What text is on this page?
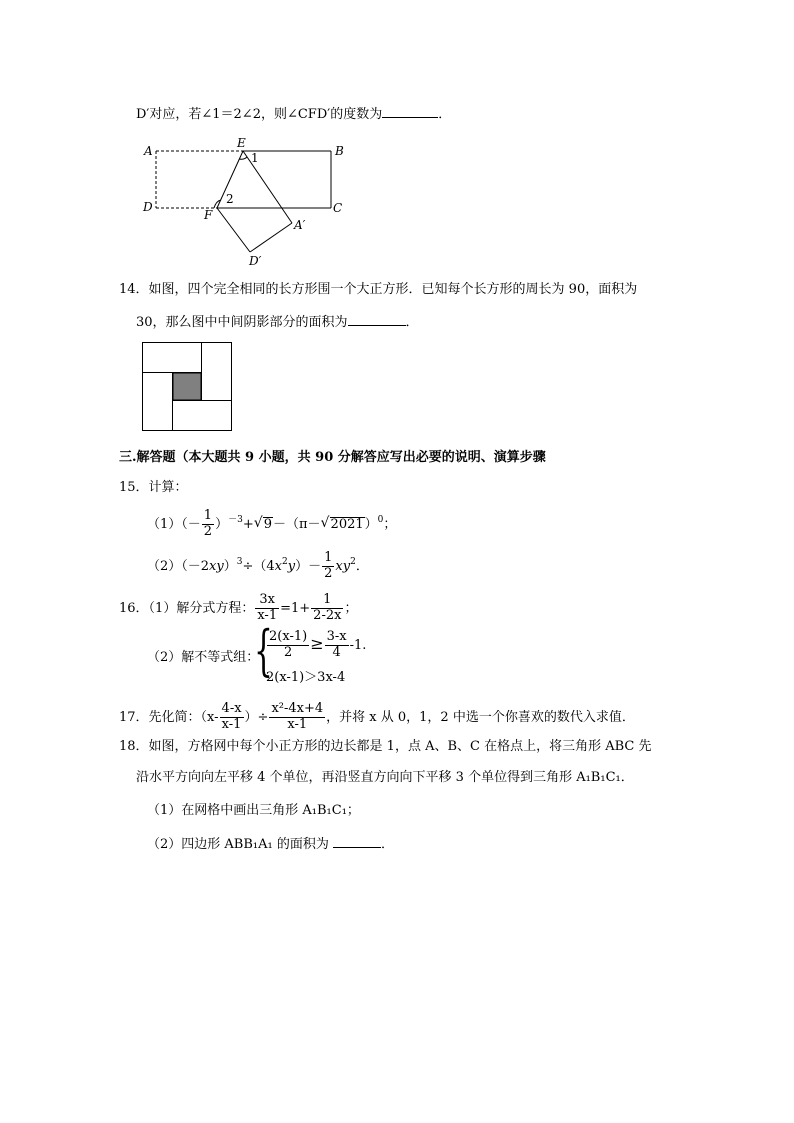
D′对应，若∠1＝2∠2，则∠CFD′的度数为	．
A
E
B
D
F	C
A′
D′
1
2
14．如图，四个完全相同的长方形围一个大正方形．已知每个长方形的周长为 90，面积为
30，那么图中中间阴影部分的面积为	．
三.解答题（本大题共 9 小题，共 90 分解答应写出必要的说明、演算步骤
15．计算：
$(1)(- \frac{1}{2} )^{-3}+$ √ 9－（π－ √ 2021）$^0$；
$(2)(-2xy)^3\div(4x^2y)- \frac{1}{2} xy^2$．
16．（1）解分式方程： $\frac{3x}{x-1} =1+ \frac{1}{2-2x}$ ；
（2）解不等式组：
{
$\frac{2(x-1)}{2} \ge \frac{3-x}{4} -1$.
2(x-1)＞3x-4
17．先化简：（$x- \frac{4-x}{x-1}$ ）÷ $\frac{\text{x²-4x+4}}{x-1}$ ，并将 x 从 0，1，2 中选一个你喜欢的数代入求值．
18．如图，方格网中每个小正方形的边长都是 1，点 A、B、C 在格点上，将三角形 ABC 先
沿水平方向向左平移 4 个单位，再沿竖直方向向下平移 3 个单位得到三角形 A₁B₁C₁．
（1）在网格中画出三角形 A₁B₁C₁；
（2）四边形 ABB₁A₁ 的面积为	．
